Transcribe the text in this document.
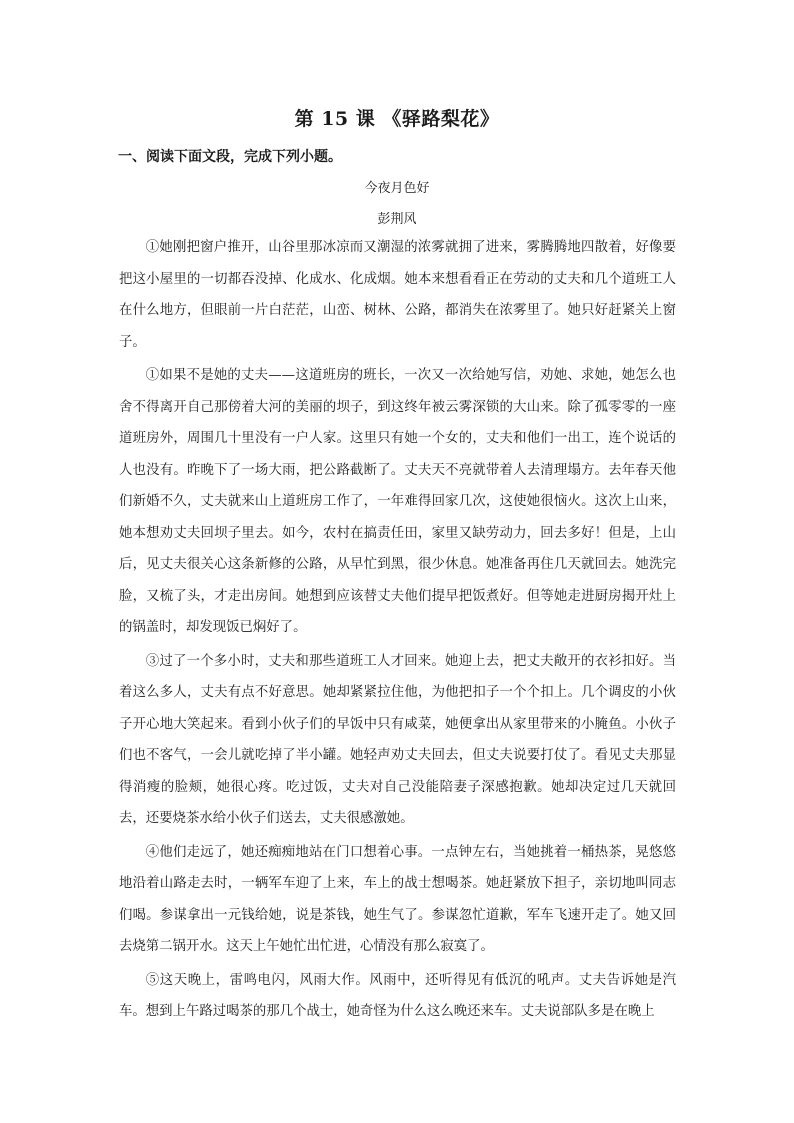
第 15 课 《驿路梨花》
一、阅读下面文段，完成下列小题。
今夜月色好
彭荆风

①她刚把窗户推开，山谷里那冰凉而又潮湿的浓雾就拥了进来，雾腾腾地四散着，好像要把这小屋里的一切都吞没掉、化成水、化成烟。她本来想看看正在劳动的丈夫和几个道班工人在什么地方，但眼前一片白茫茫，山峦、树林、公路，都消失在浓雾里了。她只好赶紧关上窗子。

①如果不是她的丈夫——这道班房的班长，一次又一次给她写信，劝她、求她，她怎么也舍不得离开自己那傍着大河的美丽的坝子，到这终年被云雾深锁的大山来。除了孤零零的一座道班房外，周围几十里没有一户人家。这里只有她一个女的，丈夫和他们一出工，连个说话的人也没有。昨晚下了一场大雨，把公路截断了。丈夫天不亮就带着人去清理塌方。去年春天他们新婚不久，丈夫就来山上道班房工作了，一年难得回家几次，这使她很恼火。这次上山来，她本想劝丈夫回坝子里去。如今，农村在搞责任田，家里又缺劳动力，回去多好！但是，上山后，见丈夫很关心这条新修的公路，从早忙到黑，很少休息。她准备再住几天就回去。她洗完脸，又梳了头，才走出房间。她想到应该替丈夫他们提早把饭煮好。但等她走进厨房揭开灶上的锅盖时，却发现饭已焖好了。

③过了一个多小时，丈夫和那些道班工人才回来。她迎上去，把丈夫敞开的衣衫扣好。当着这么多人，丈夫有点不好意思。她却紧紧拉住他，为他把扣子一个个扣上。几个调皮的小伙子开心地大笑起来。看到小伙子们的早饭中只有咸菜，她便拿出从家里带来的小腌鱼。小伙子们也不客气，一会儿就吃掉了半小罐。她轻声劝丈夫回去，但丈夫说要打仗了。看见丈夫那显得消瘦的脸颊，她很心疼。吃过饭，丈夫对自己没能陪妻子深感抱歉。她却决定过几天就回去，还要烧茶水给小伙子们送去，丈夫很感激她。

④他们走远了，她还痴痴地站在门口想着心事。一点钟左右，当她挑着一桶热茶，晃悠悠地沿着山路走去时，一辆军车迎了上来，车上的战士想喝茶。她赶紧放下担子，亲切地叫同志们喝。参谋拿出一元钱给她，说是茶钱，她生气了。参谋忽忙道歉，军车飞速开走了。她又回去烧第二锅开水。这天上午她忙出忙进，心情没有那么寂寞了。

⑤这天晚上，雷鸣电闪，风雨大作。风雨中，还听得见有低沉的吼声。丈夫告诉她是汽车。想到上午路过喝茶的那几个战士，她奇怪为什么这么晚还来车。丈夫说部队多是在晚上
